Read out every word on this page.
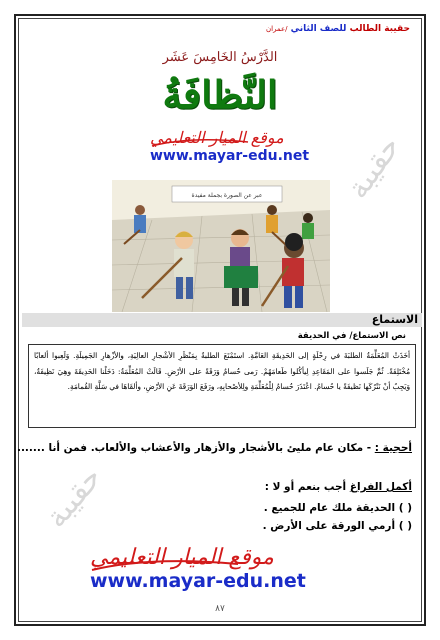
حقيبة الطالب للصف الثاني /عمران
الدَّرْسُ الخَامِسَ عَشَر
النَّظافَةُ
موقع الميار التعليمي
www.mayar-edu.net
عبر عن الصورة بجملة مفيدة
الاستماع
نص الاستماع/ في الحديقة
أخَذَتْ المُعَلِّمَةُ الطلبَةَ في رِحْلَةٍ إلى الحَدِيقَةِ العَامَّةِ. استَمْتَعَ الطلبةُ بِمَنْظَرِ الأشْجارِ العالِيَةِ، والأزْهارِ الجَمِيلَةِ. وَلَعِبوا ألعابًا مُخْتَلِفَةً. ثُمَّ جَلَسوا على المَقَاعِدِ لِيأكُلوا طَعامَهُمْ. رَمى حُسامٌ وَرَقَةً على الأرْضِ. قَالَتْ المُعَلِّمَةُ: دَخَلْنا الحَدِيقَةَ وهِيَ نَظِيفَةٌ، وَيَجِبُ أنْ نَتْرُكَها نَظيفَةً يا حُسامُ. اعْتَذَرَ حُسامٌ لِلْمُعَلِّمَةِ ولِلأصْحابِهِ، ورَفَعَ الوَرَقَةَ عَنِ الأرْضِ، وألقَاهَا في سَلَّةِ القُمامَةِ.
أحجية : - مكان عام مليئ بالأشجار والأزهار والأعشاب والألعاب. فمن أنا .......
أكمل الفراغ أجب بنعم أو لا :
( ) الحديقة ملك عام للجميع .
( ) أرمي الورقة على الأرض .
موقع الميار التعليمي
www.mayar-edu.net
٨٧
حقيبة
حقيبة
